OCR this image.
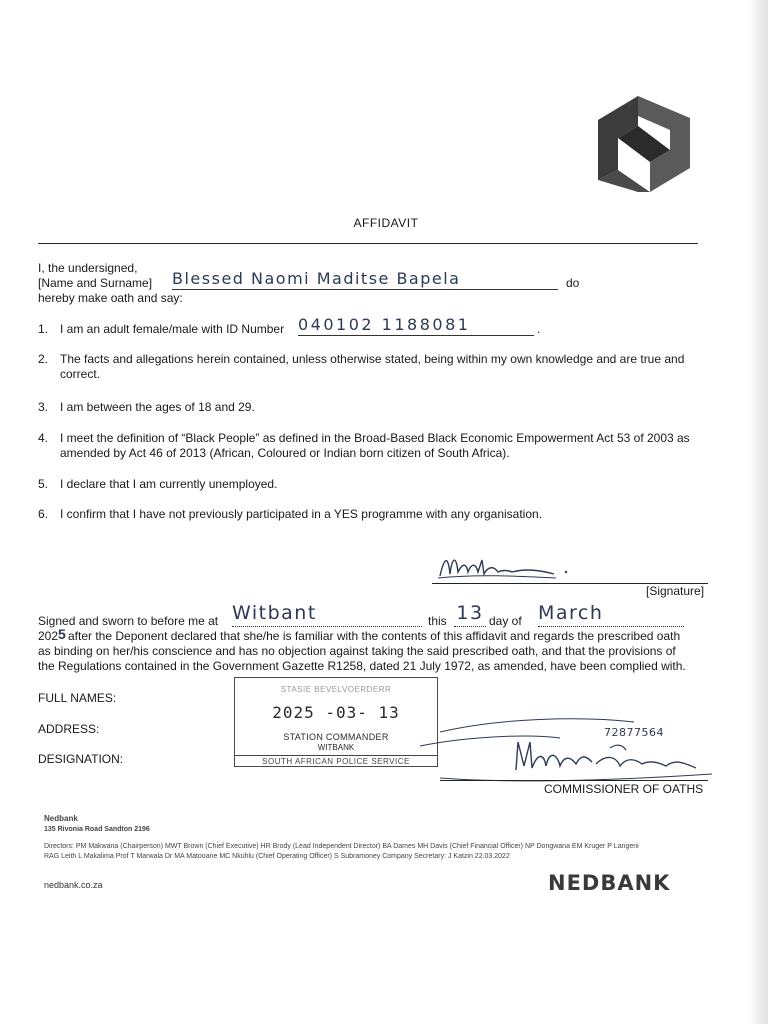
AFFIDAVIT
I, the undersigned,
[Name and Surname] Blessed Naomi Maditse Bapela	do
hereby make oath and say:
1. I am an adult female/male with ID Number 040102 1188081	.
2. The facts and allegations herein contained, unless otherwise stated, being within my own knowledge and are true and correct.
3. I am between the ages of 18 and 29.
4. I meet the definition of “Black People” as defined in the Broad-Based Black Economic Empowerment Act 53 of 2003 as amended by Act 46 of 2013 (African, Coloured or Indian born citizen of South Africa).
5. I declare that I am currently unemployed.
6. I confirm that I have not previously participated in a YES programme with any organisation.
[Signature]
Signed and sworn to before me at Witbant	this 13 day of March
202 5 after the Deponent declared that she/he is familiar with the contents of this affidavit and regards the prescribed oath
as binding on her/his conscience and has no objection against taking the said prescribed oath, and that the provisions of
the Regulations contained in the Government Gazette R1258, dated 21 July 1972, as amended, have been complied with.
FULL NAMES:
ADDRESS:
DESIGNATION:
STASIE BEVELVOERDERR
2025 -03- 13
STATION COMMANDER
WITBANK
SOUTH AFRICAN POLICE SERVICE
72877564
COMMISSIONER OF OATHS
Nedbank
135 Rivonia Road Sandton 2196
Directors: PM Makwana (Chairperson) MWT Brown (Chief Executive) HR Brody (Lead Independent Director) BA Dames MH Davis (Chief Financial Officer) NP Dongwana EM Kruger P Langeni
RAG Leith L Makalima Prof T Marwala Dr MA Matooane MC Nkuhlu (Chief Operating Officer) S Subramoney Company Secretary: J Katzin 22.03.2022
nedbank.co.za	NEDBANK
